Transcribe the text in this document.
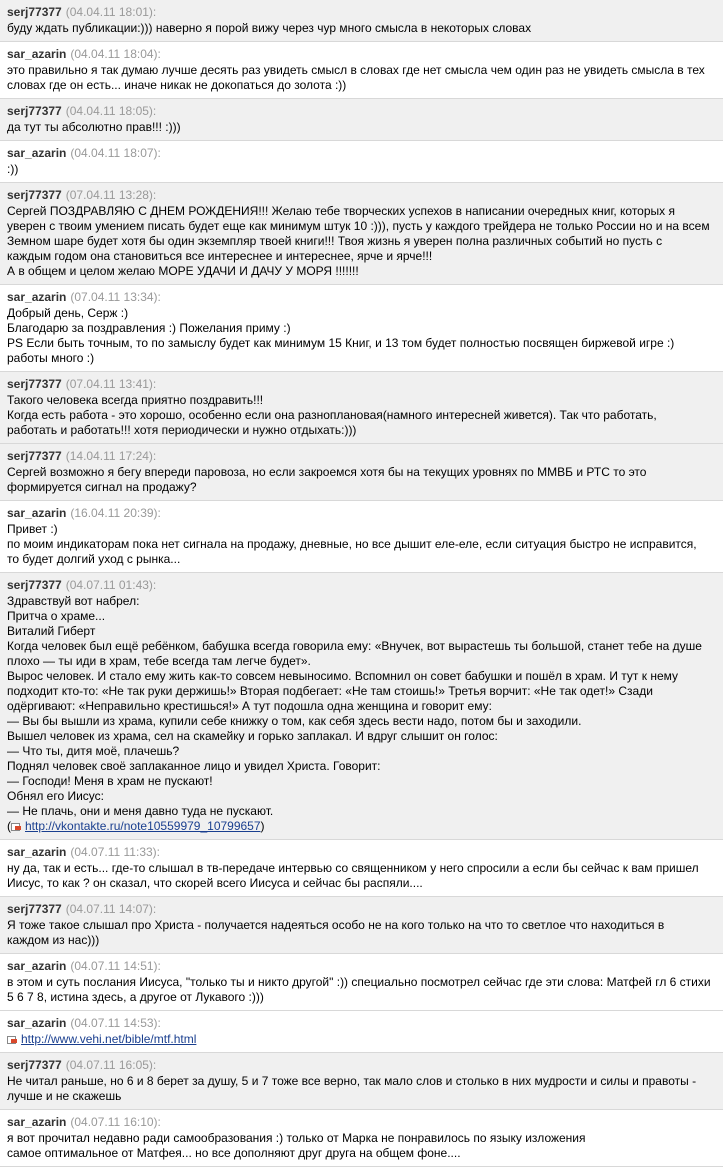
serj77377 (04.04.11 18:01):
буду ждать публикации:))) наверно я порой вижу через чур много смысла в некоторых словах
sar_azarin (04.04.11 18:04):
это правильно я так думаю лучше десять раз увидеть смысл в словах где нет смысла чем один раз не увидеть смысла в тех
словах где он есть... иначе никак не докопаться до золота :))
serj77377 (04.04.11 18:05):
да тут ты абсолютно прав!!! :)))
sar_azarin (04.04.11 18:07):
:))
serj77377 (07.04.11 13:28):
Сергей ПОЗДРАВЛЯЮ С ДНЕМ РОЖДЕНИЯ!!! Желаю тебе творческих успехов в написании очередных книг, которых я
уверен с твоим умением писать будет еще как минимум штук 10 :))), пусть у каждого трейдера не только России но и на всем
Земном шаре будет хотя бы один экземпляр твоей книги!!! Твоя жизнь я уверен полна различных событий но пусть с
каждым годом она становиться все интереснее и интереснее, ярче и ярче!!!
А в общем и целом желаю МОРЕ УДАЧИ И ДАЧУ У МОРЯ !!!!!!!
sar_azarin (07.04.11 13:34):
Добрый день, Серж :)
Благодарю за поздравления :) Пожелания приму :)
PS Если быть точным, то по замыслу будет как минимум 15 Книг, и 13 том будет полностью посвящен биржевой игре :)
работы много :)
serj77377 (07.04.11 13:41):
Такого человека всегда приятно поздравить!!!
Когда есть работа - это хорошо, особенно если она разноплановая(намного интересней живется). Так что работать,
работать и работать!!! хотя периодически и нужно отдыхать:)))
serj77377 (14.04.11 17:24):
Сергей возможно я бегу впереди паровоза, но если закроемся хотя бы на текущих уровнях по ММВБ и РТС то это
формируется сигнал на продажу?
sar_azarin (16.04.11 20:39):
Привет :)
по моим индикаторам пока нет сигнала на продажу, дневные, но все дышит еле-еле, если ситуация быстро не исправится,
то будет долгий уход с рынка...
serj77377 (04.07.11 01:43):
Здравствуй вот набрел:
Притча о храме...
Виталий Гиберт
Когда человек был ещё ребёнком, бабушка всегда говорила ему: «Внучек, вот вырастешь ты большой, станет тебе на душе
плохо — ты иди в храм, тебе всегда там легче будет».
Вырос человек. И стало ему жить как-то совсем невыносимо. Вспомнил он совет бабушки и пошёл в храм. И тут к нему
подходит кто-то: «Не так руки держишь!» Вторая подбегает: «Не там стоишь!» Третья ворчит: «Не так одет!» Сзади
одёргивают: «Неправильно крестишься!» А тут подошла одна женщина и говорит ему:
— Вы бы вышли из храма, купили себе книжку о том, как себя здесь вести надо, потом бы и заходили.
Вышел человек из храма, сел на скамейку и горько заплакал. И вдруг слышит он голос:
— Что ты, дитя моё, плачешь?
Поднял человек своё заплаканное лицо и увидел Христа. Говорит:
— Господи! Меня в храм не пускают!
Обнял его Иисус:
— Не плачь, они и меня давно туда не пускают.
( http://vkontakte.ru/note10559979_10799657)
sar_azarin (04.07.11 11:33):
ну да, так и есть... где-то слышал в тв-передаче интервью со священником у него спросили а если бы сейчас к вам пришел
Иисус, то как ? он сказал, что скорей всего Иисуса и сейчас бы распяли....
serj77377 (04.07.11 14:07):
Я тоже такое слышал про Христа - получается надеяться особо не на кого только на что то светлое что находиться в
каждом из нас)))
sar_azarin (04.07.11 14:51):
в этом и суть послания Иисуса, "только ты и никто другой" :)) специально посмотрел сейчас где эти слова: Матфей гл 6 стихи
5 6 7 8, истина здесь, а другое от Лукавого :)))
sar_azarin (04.07.11 14:53):
http://www.vehi.net/bible/mtf.html
serj77377 (04.07.11 16:05):
Не читал раньше, но 6 и 8 берет за душу, 5 и 7 тоже все верно, так мало слов и столько в них мудрости и силы и правоты -
лучше и не скажешь
sar_azarin (04.07.11 16:10):
я вот прочитал недавно ради самообразования :) только от Марка не понравилось по языку изложения
самое оптимальное от Матфея... но все дополняют друг друга на общем фоне....
